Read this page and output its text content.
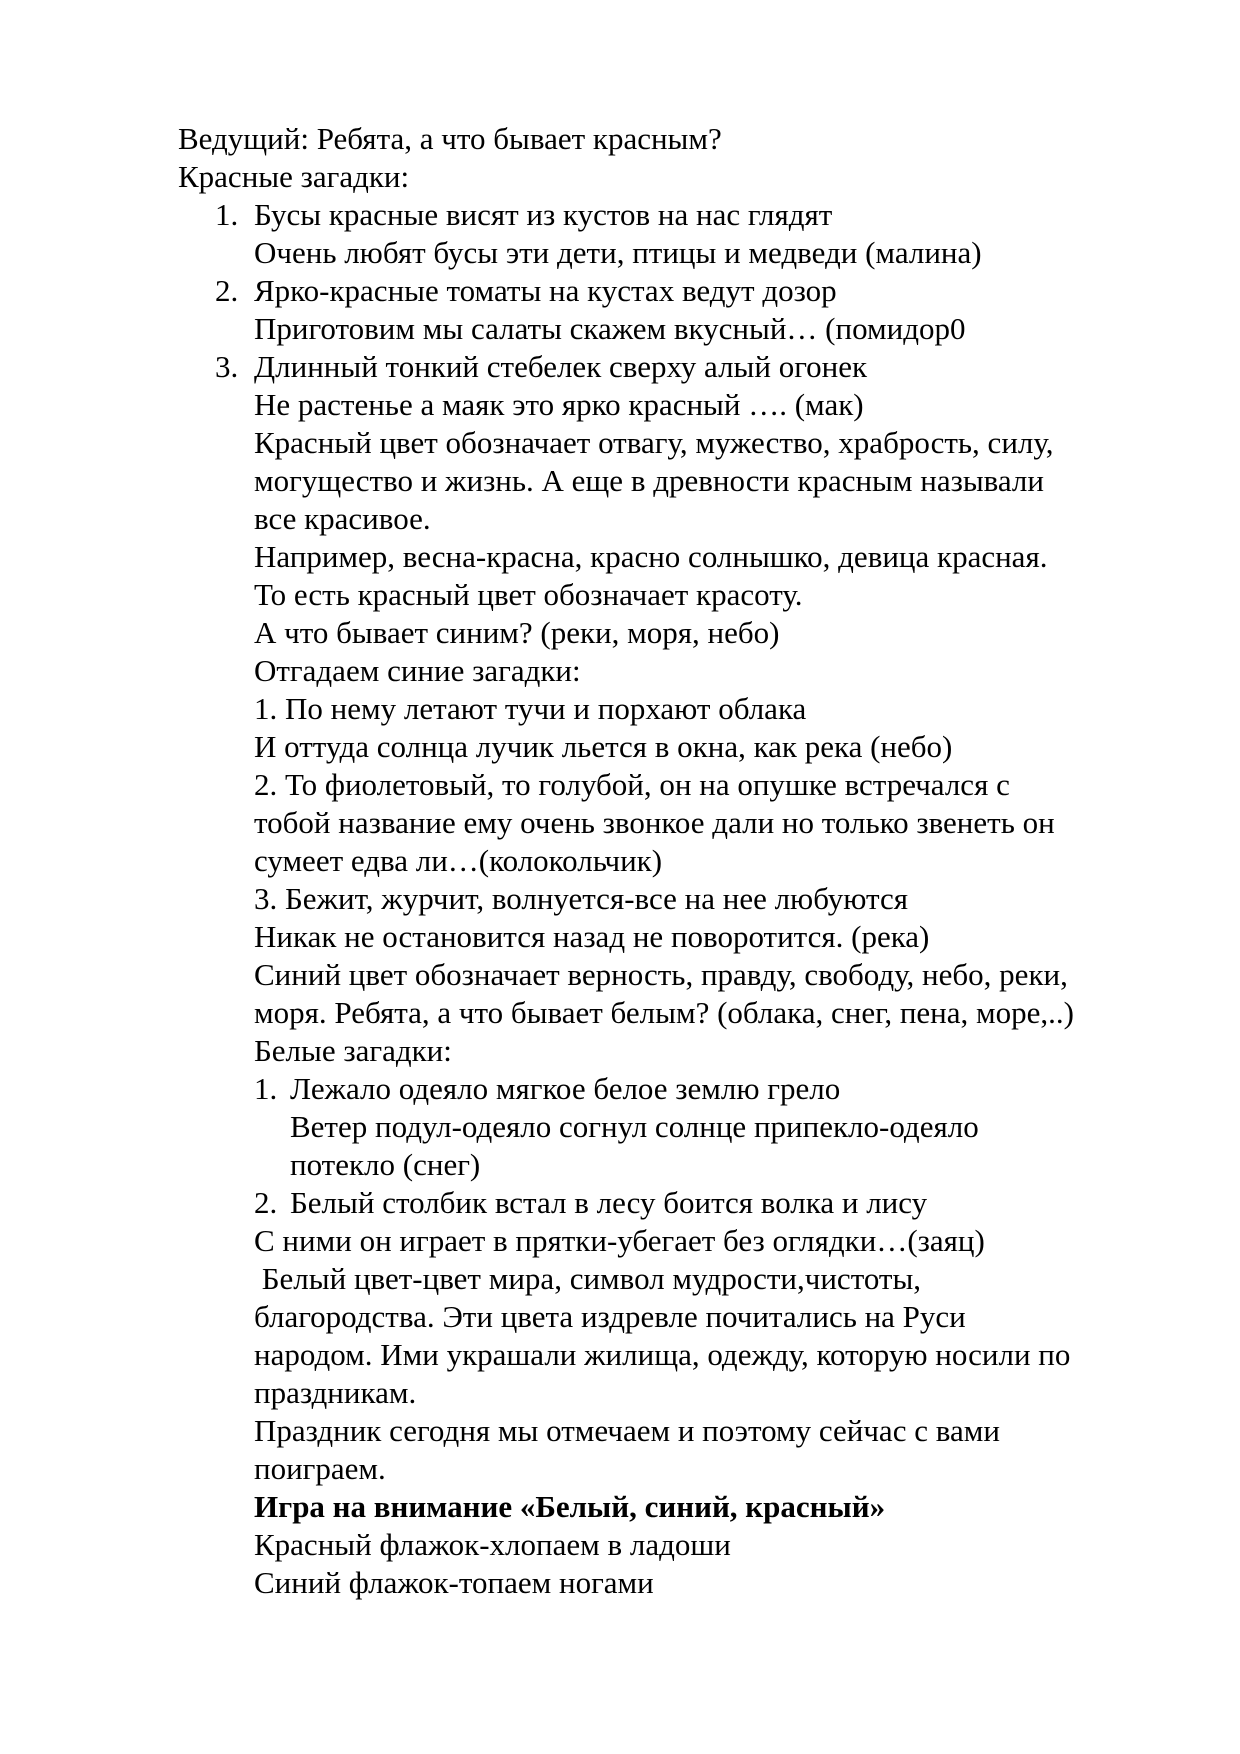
Ведущий: Ребята, а что бывает красным?
Красные загадки:
1. Бусы красные висят из кустов на нас глядят
Очень любят бусы эти дети, птицы и медведи (малина)
2. Ярко-красные томаты на кустах ведут дозор
Приготовим мы салаты скажем вкусный… (помидор0
3. Длинный тонкий стебелек сверху алый огонек
Не растенье а маяк это ярко красный …. (мак)
Красный цвет обозначает отвагу, мужество, храбрость, силу,
могущество и жизнь. А еще в древности красным называли
все красивое.
Например, весна-красна, красно солнышко, девица красная.
То есть красный цвет обозначает красоту.
А что бывает синим? (реки, моря, небо)
Отгадаем синие загадки:
1. По нему летают тучи и порхают облака
И оттуда солнца лучик льется в окна, как река (небо)
2. То фиолетовый, то голубой, он на опушке встречался с
тобой название ему очень звонкое дали но только звенеть он
сумеет едва ли…(колокольчик)
3. Бежит, журчит, волнуется-все на нее любуются
Никак не остановится назад не поворотится. (река)
Синий цвет обозначает верность, правду, свободу, небо, реки,
моря. Ребята, а что бывает белым? (облака, снег, пена, море,..)
Белые загадки:
1. Лежало одеяло мягкое белое землю грело
Ветер подул-одеяло согнул солнце припекло-одеяло
потекло (снег)
2. Белый столбик встал в лесу боится волка и лису
С ними он играет в прятки-убегает без оглядки…(заяц)
Белый цвет-цвет мира, символ мудрости,чистоты,
благородства. Эти цвета издревле почитались на Руси
народом. Ими украшали жилища, одежду, которую носили по
праздникам.
Праздник сегодня мы отмечаем и поэтому сейчас с вами
поиграем.
Игра на внимание «Белый, синий, красный»
Красный флажок-хлопаем в ладоши
Синий флажок-топаем ногами
